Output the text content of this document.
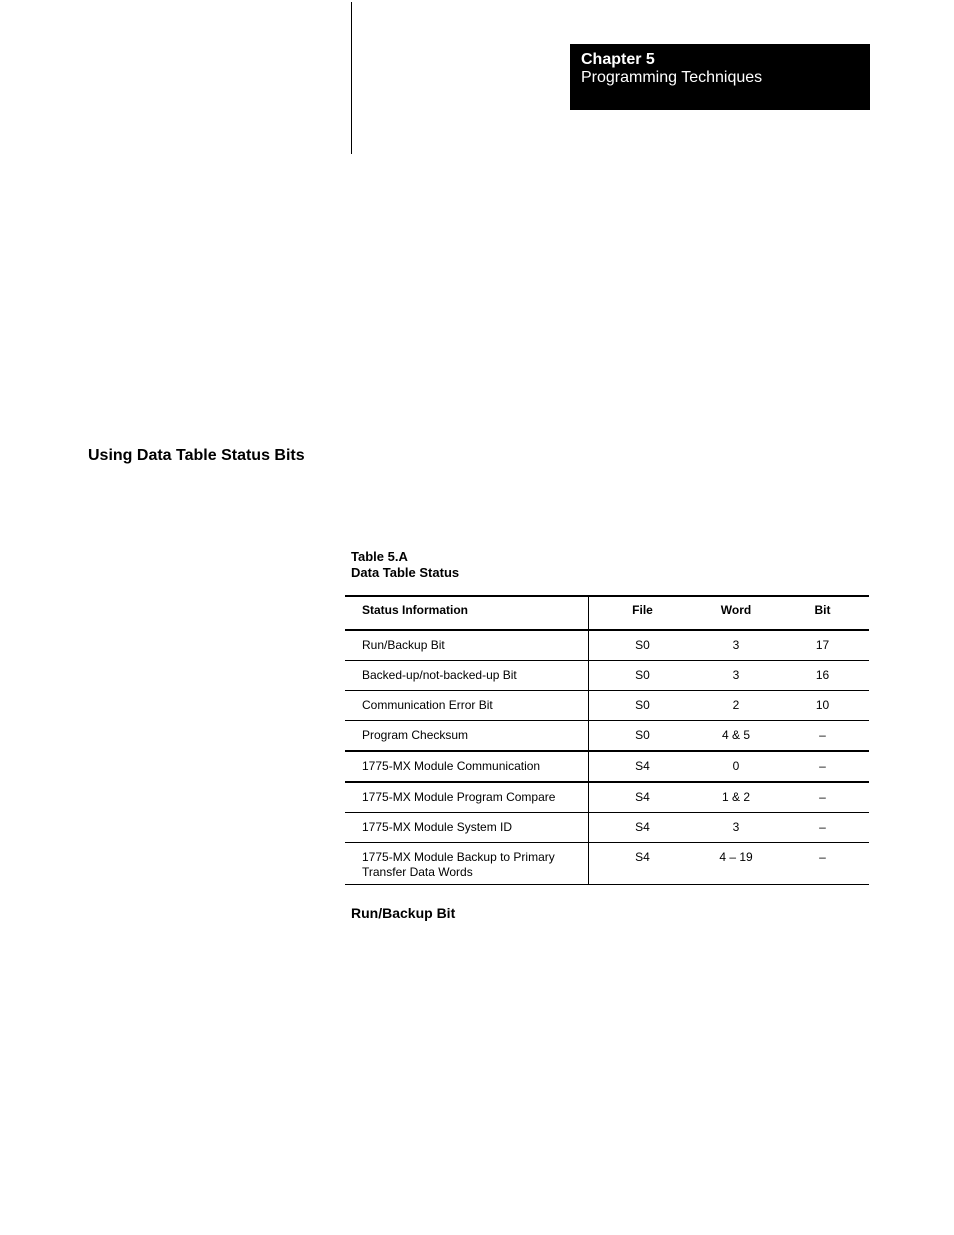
Chapter 5
Programming Techniques
Using Data Table Status Bits
Table 5.A
Data Table Status
Status Information	File	Word	Bit
Run/Backup Bit	S0	3	17
Backed-up/not-backed-up Bit	S0	3	16
Communication Error Bit	S0	2	10
Program Checksum	S0	4 & 5	–
1775-MX Module Communication	S4	0	–
1775-MX Module Program Compare	S4	1 & 2	–
1775-MX Module System ID	S4	3	–

1775-MX Module Backup to Primary
Transfer Data Words	S4	4 – 19	–
Run/Backup Bit
